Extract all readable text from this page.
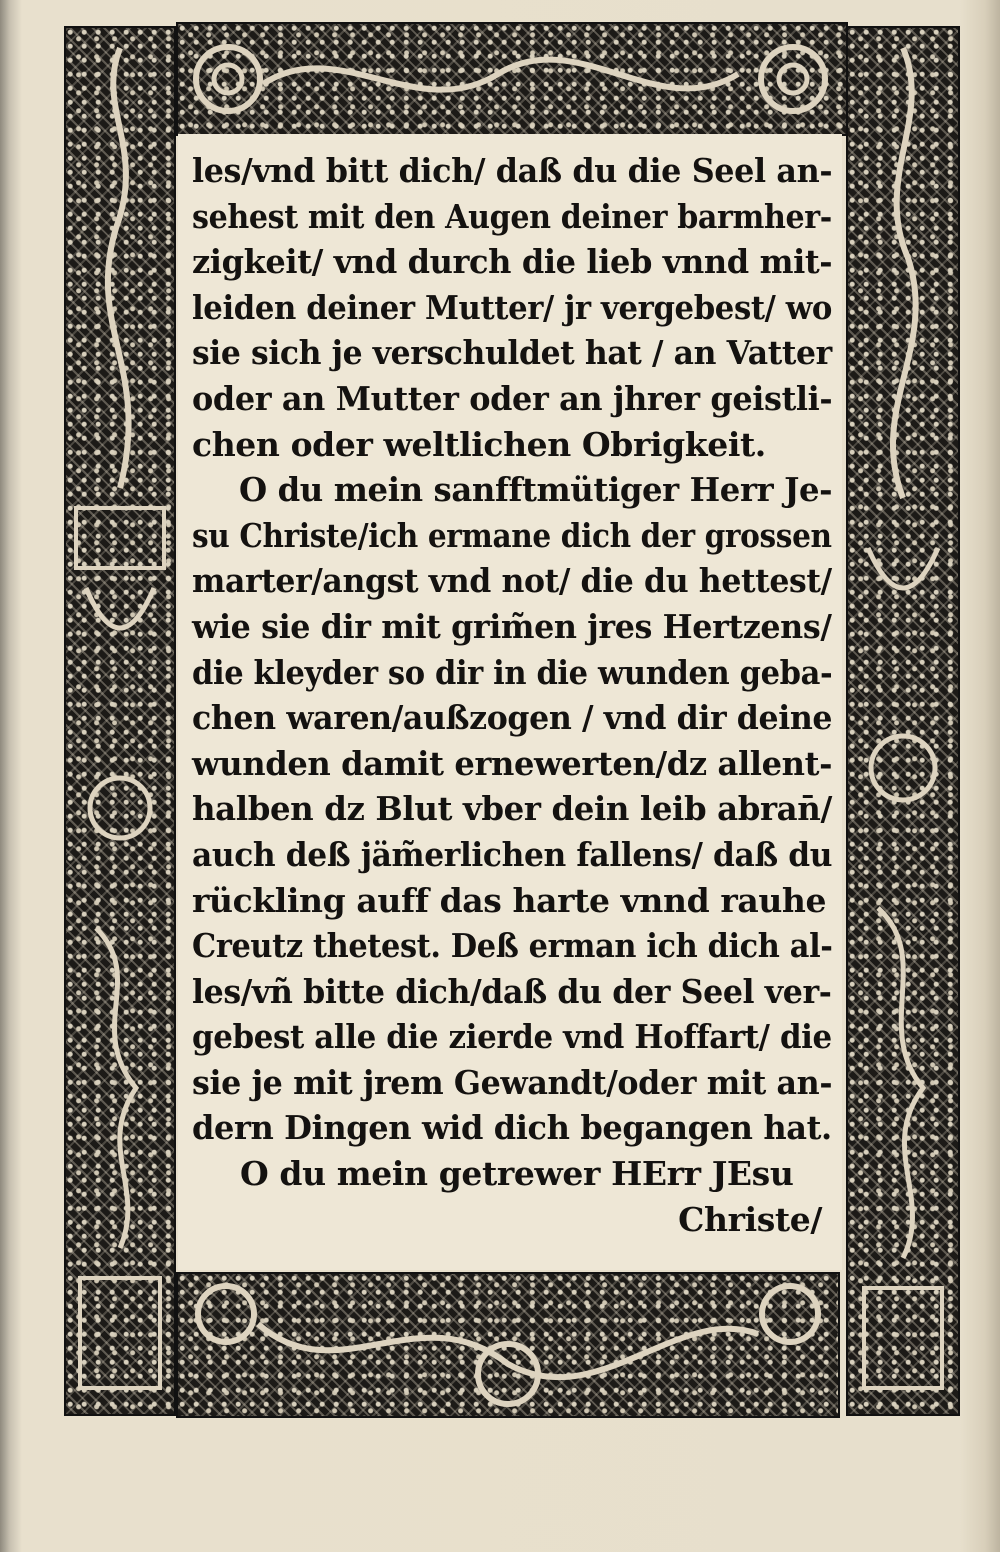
les/vnd bitt dich/ daß du die Seel an-
sehest mit den Augen deiner barmher-
zigkeit/ vnd durch die lieb vnnd mit-
leiden deiner Mutter/ jr vergebest/ wo
sie sich je verschuldet hat / an Vatter
oder an Mutter oder an jhrer geistli-
chen oder weltlichen Obrigkeit.
O du mein sanfftmütiger Herr Je-
su Christe/ich ermane dich der grossen
marter/angst vnd not/ die du hettest/
wie sie dir mit grim̃en jres Hertzens/
die kleyder so dir in die wunden geba-
chen waren/außzogen / vnd dir deine
wunden damit ernewerten/dz allent-
halben dz Blut vber dein leib abran̄/
auch deß jäm̃erlichen fallens/ daß du
rückling auff das harte vnnd rauhe
Creutz thetest. Deß erman ich dich al-
les/vñ bitte dich/daß du der Seel ver-
gebest alle die zierde vnd Hoffart/ die
sie je mit jrem Gewandt/oder mit an-
dern Dingen wid dich begangen hat.
O du mein getrewer HErr JEsu
Christe/
